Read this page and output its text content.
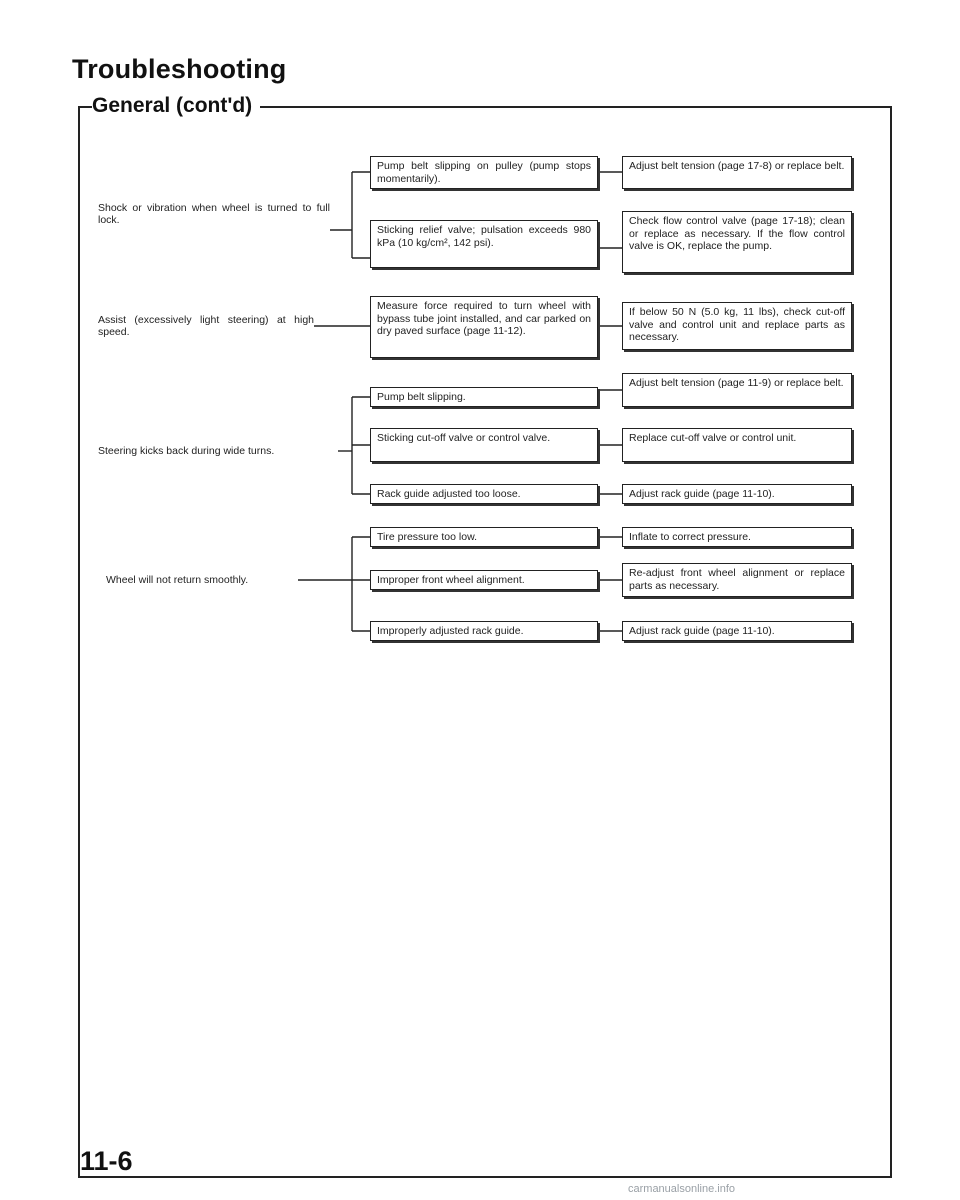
Troubleshooting
General (cont'd)
Shock or vibration when wheel is turned to full lock.
Pump belt slipping on pulley (pump stops momentarily).
Adjust belt tension (page 17-8) or replace belt.
Sticking relief valve; pulsation exceeds 980 kPa (10 kg/cm², 142 psi).
Check flow control valve (page 17-18); clean or replace as necessary. If the flow control valve is OK, replace the pump.
Assist (excessively light steering) at high speed.
Measure force required to turn wheel with bypass tube joint installed, and car parked on dry paved surface (page 11-12).
If below 50 N (5.0 kg, 11 lbs), check cut-off valve and control unit and replace parts as necessary.
Steering kicks back during wide turns.
Pump belt slipping.
Adjust belt tension (page 11-9) or replace belt.
Sticking cut-off valve or control valve.	Replace cut-off valve or control unit.
Rack guide adjusted too loose.	Adjust rack guide (page 11-10).
Wheel will not return smoothly.
Tire pressure too low.	Inflate to correct pressure.
Improper front wheel alignment.
Re-adjust front wheel alignment or replace parts as necessary.
Improperly adjusted rack guide.	Adjust rack guide (page 11-10).
11-6
carmanualsonline.info
